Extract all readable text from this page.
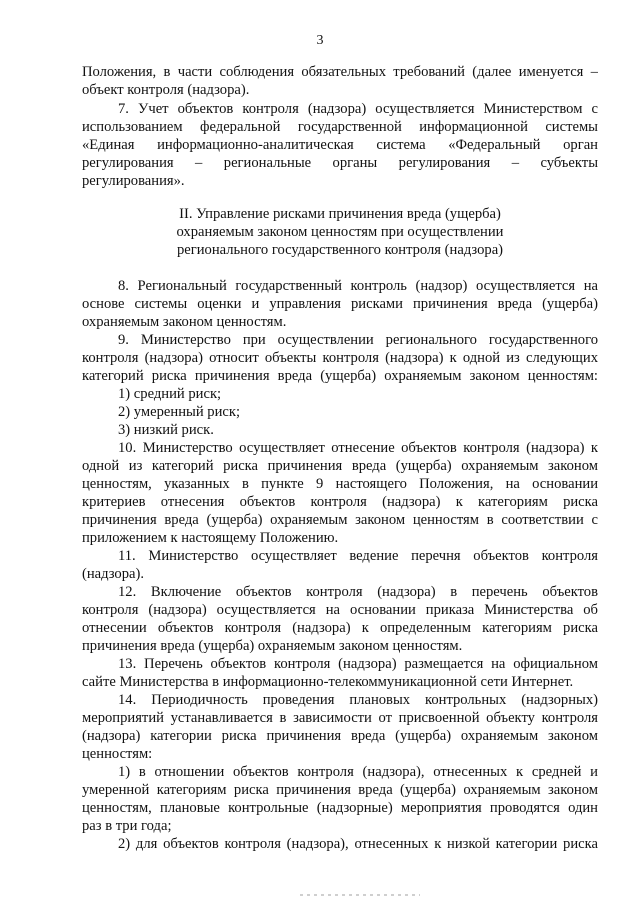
3
Положения, в части соблюдения обязательных требований (далее именуется –
объект контроля (надзора).
7. Учет объектов контроля (надзора) осуществляется Министерством с
использованием федеральной государственной информационной системы
«Единая информационно-аналитическая система «Федеральный орган
регулирования – региональные органы регулирования – субъекты
регулирования».
II. Управление рисками причинения вреда (ущерба)
охраняемым законом ценностям при осуществлении
регионального государственного контроля (надзора)
8. Региональный государственный контроль (надзор) осуществляется на
основе системы оценки и управления рисками причинения вреда (ущерба)
охраняемым законом ценностям.
9. Министерство при осуществлении регионального государственного
контроля (надзора) относит объекты контроля (надзора) к одной из следующих
категорий риска причинения вреда (ущерба) охраняемым законом ценностям:
1) средний риск;
2) умеренный риск;
3) низкий риск.
10. Министерство осуществляет отнесение объектов контроля (надзора) к
одной из категорий риска причинения вреда (ущерба) охраняемым законом
ценностям, указанных в пункте 9 настоящего Положения, на основании
критериев отнесения объектов контроля (надзора) к категориям риска
причинения вреда (ущерба) охраняемым законом ценностям в соответствии с
приложением к настоящему Положению.
11. Министерство осуществляет ведение перечня объектов контроля
(надзора).
12. Включение объектов контроля (надзора) в перечень объектов
контроля (надзора) осуществляется на основании приказа Министерства об
отнесении объектов контроля (надзора) к определенным категориям риска
причинения вреда (ущерба) охраняемым законом ценностям.
13. Перечень объектов контроля (надзора) размещается на официальном
сайте Министерства в информационно-телекоммуникационной сети Интернет.
14. Периодичность проведения плановых контрольных (надзорных)
мероприятий устанавливается в зависимости от присвоенной объекту контроля
(надзора) категории риска причинения вреда (ущерба) охраняемым законом
ценностям:
1) в отношении объектов контроля (надзора), отнесенных к средней и
умеренной категориям риска причинения вреда (ущерба) охраняемым законом
ценностям, плановые контрольные (надзорные) мероприятия проводятся один
раз в три года;
2) для объектов контроля (надзора), отнесенных к низкой категории риска
